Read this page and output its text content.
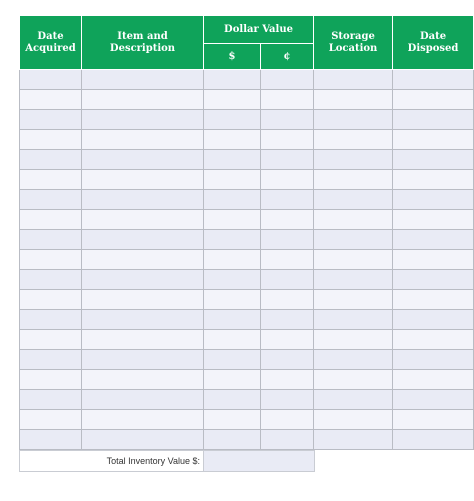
Date Acquired	Item and Description	Dollar Value		Storage Location	Date Disposed
		$	¢		

Total Inventory Value $:	
